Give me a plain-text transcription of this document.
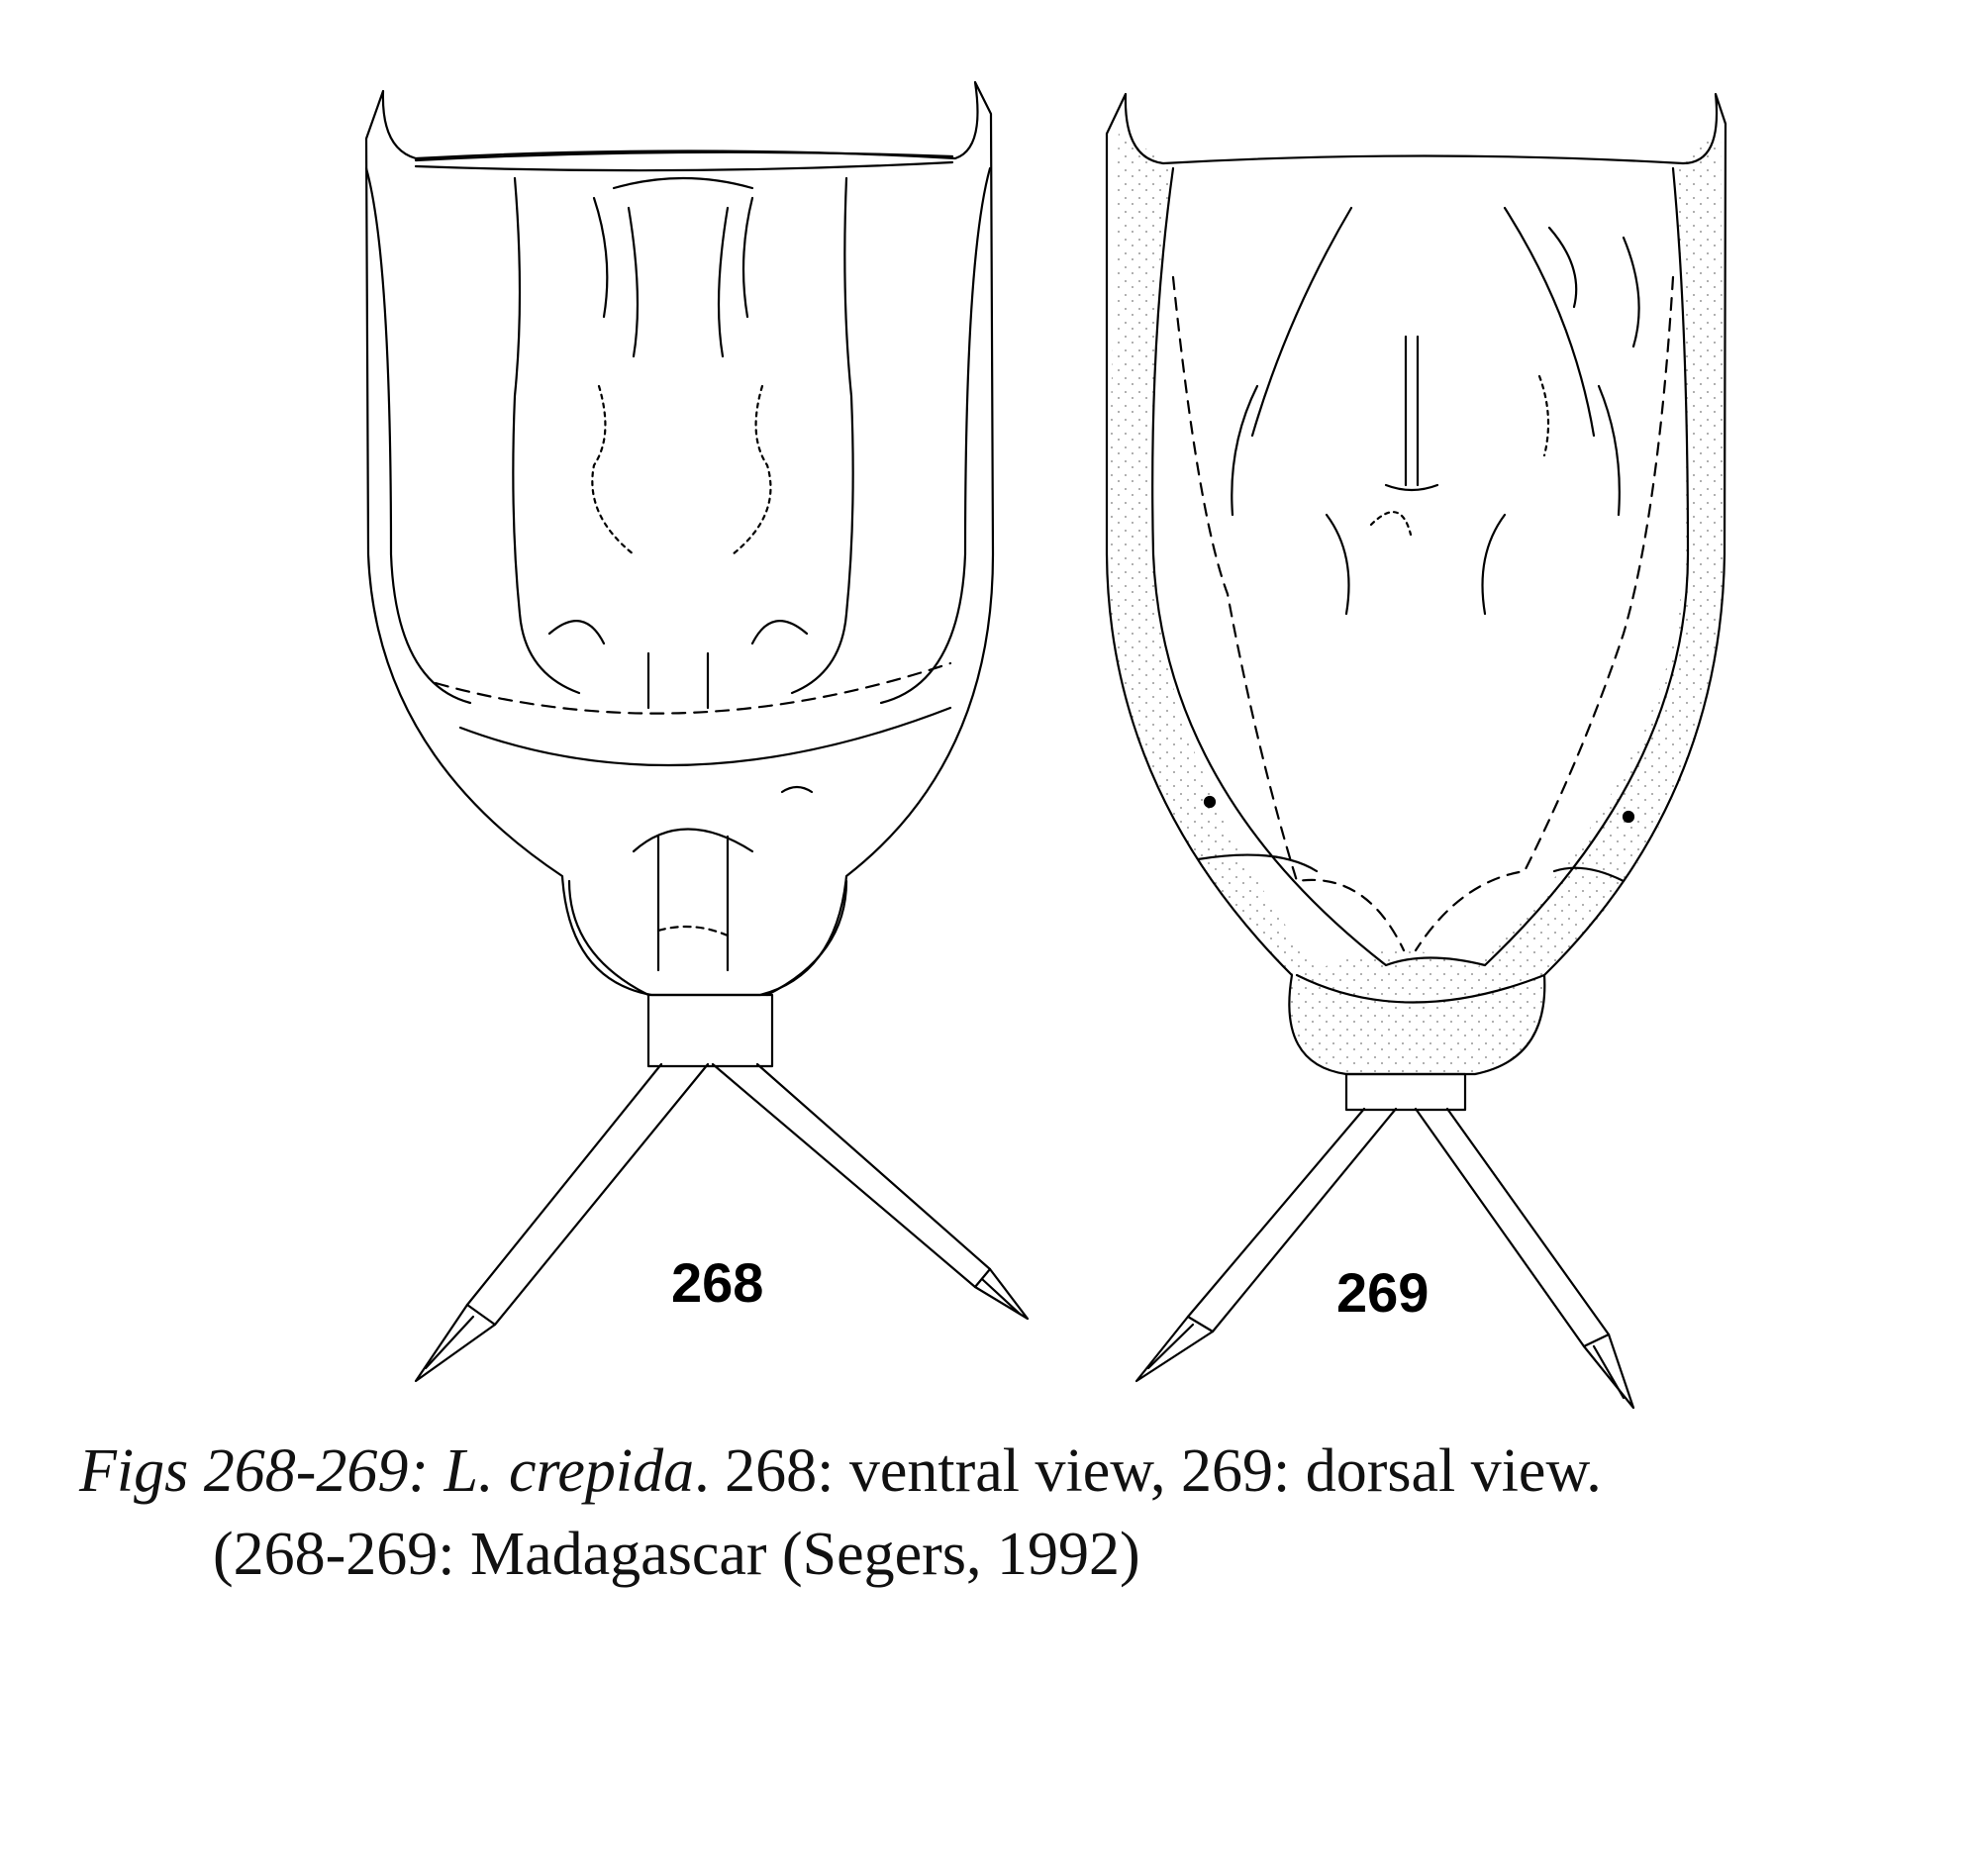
268	269
Figs 268-269: L. crepida. 268: ventral view, 269: dorsal view.
(268-269: Madagascar (Segers, 1992)
